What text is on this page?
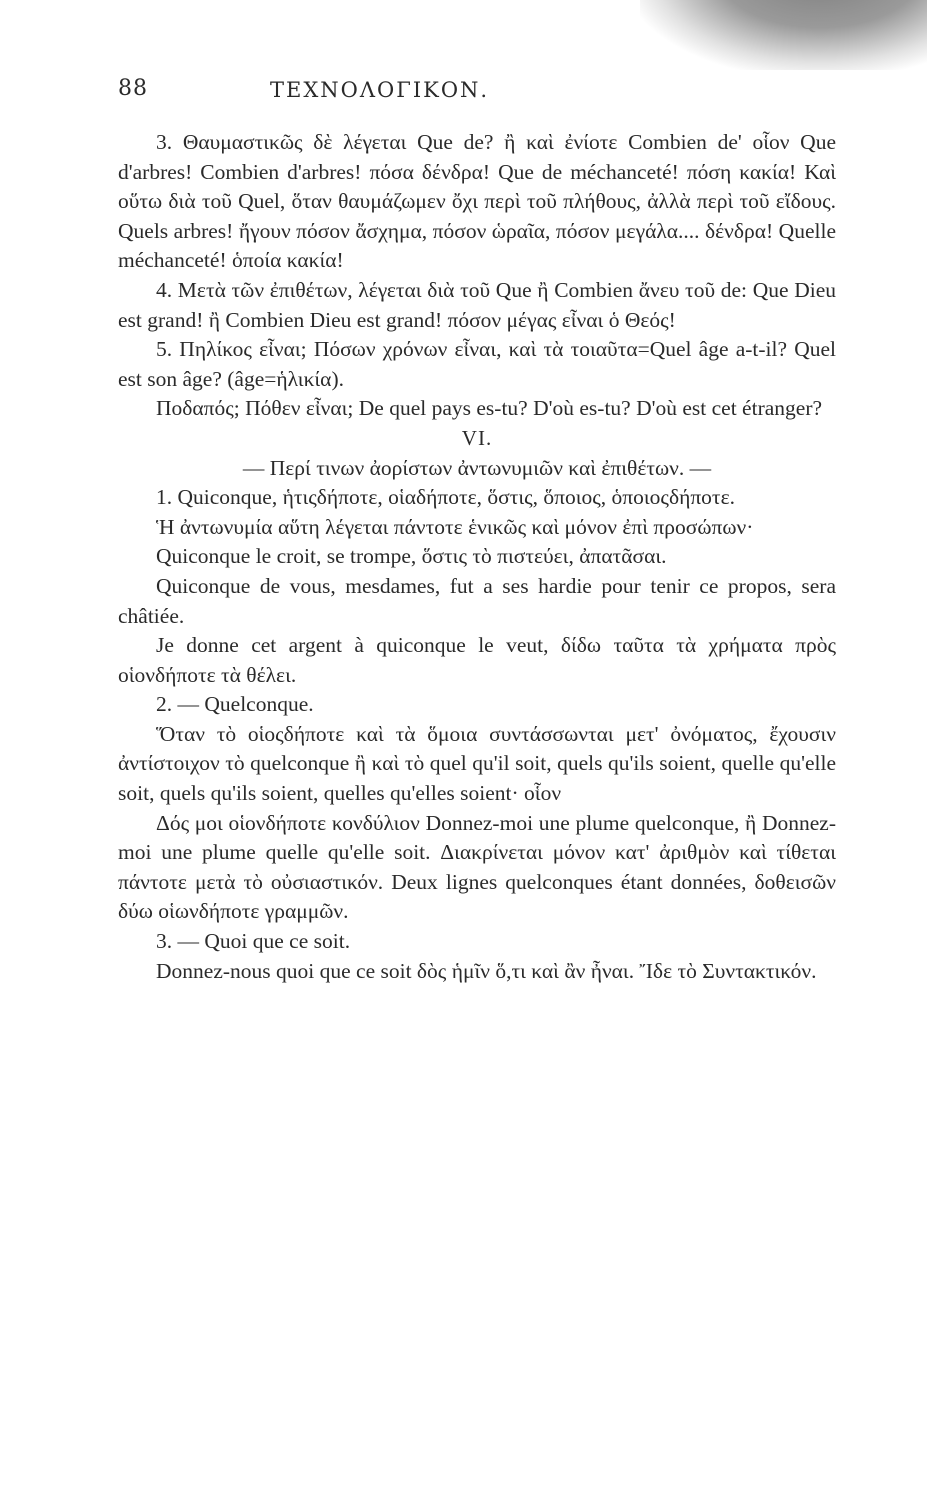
88	ΤΕΧΝΟΛΟΓΙΚΟΝ.

3. Θαυμαστικῶς δὲ λέγεται Que de? ἢ καὶ ἐνίοτε Combien de' οἷον Que d'arbres! Combien d'arbres! πόσα δένδρα! Que de méchanceté! πόση κακία! Καὶ οὕτω διὰ τοῦ Quel, ὅταν θαυμάζωμεν ὄχι περὶ τοῦ πλήθους, ἀλλὰ περὶ τοῦ εἴδους. Quels arbres! ἤγουν πόσον ἄσχημα, πόσον ὡραῖα, πόσον μεγάλα.... δένδρα! Quelle méchanceté! ὁποία κακία!

4. Μετὰ τῶν ἐπιθέτων, λέγεται διὰ τοῦ Que ἢ Combien ἄνευ τοῦ de: Que Dieu est grand! ἢ Combien Dieu est grand! πόσον μέγας εἶναι ὁ Θεός!

5. Πηλίκος εἶναι; Πόσων χρόνων εἶναι, καὶ τὰ τοιαῦτα=Quel âge a-t-il? Quel est son âge? (âge=ἡλικία).

Ποδαπός; Πόθεν εἶναι; De quel pays es-tu? D'où es-tu? D'où est cet étranger?

VI.

— Περί τινων ἀορίστων ἀντωνυμιῶν καὶ ἐπιθέτων. —

1. Quiconque, ἡτιςδήποτε, οἱαδήποτε, ὅστις, ὅποιος, ὁποιοςδήποτε.

Ἡ ἀντωνυμία αὕτη λέγεται πάντοτε ἑνικῶς καὶ μόνον ἐπὶ προσώπων·

Quiconque le croit, se trompe, ὅστις τὸ πιστεύει, ἀπατᾶσαι.

Quiconque de vous, mesdames, fut a ses hardie pour tenir ce propos, sera châtiée.

Je donne cet argent à quiconque le veut, δίδω ταῦτα τὰ χρήματα πρὸς οἱονδήποτε τὰ θέλει.

2. — Quelconque.

Ὅταν τὸ οἱοςδήποτε καὶ τὰ ὅμοια συντάσσωνται μετ' ὀνόματος, ἔχουσιν ἀντίστοιχον τὸ quelconque ἢ καὶ τὸ quel qu'il soit, quels qu'ils soient, quelle qu'elle soit, quels qu'ils soient, quelles qu'elles soient· οἷον

Δός μοι οἱονδήποτε κονδύλιον Donnez-moi une plume quelconque, ἢ Donnez-moi une plume quelle qu'elle soit. Διακρίνεται μόνον κατ' ἀριθμὸν καὶ τίθεται πάντοτε μετὰ τὸ οὐσιαστικόν. Deux lignes quelconques étant données, δοθεισῶν δύω οἱωνδήποτε γραμμῶν.

3. — Quoi que ce soit.

Donnez-nous quoi que ce soit δὸς ἡμῖν ὅ,τι καὶ ἂν ἦναι. Ἴδε τὸ Συντακτικόν.
